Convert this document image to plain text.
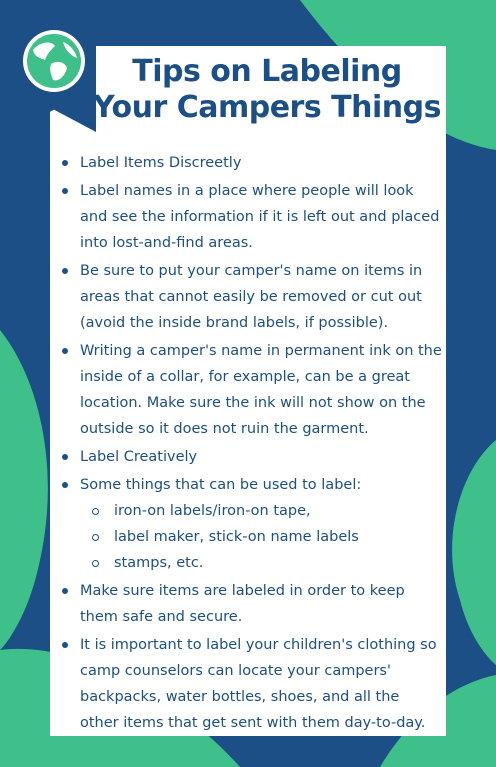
Tips on Labeling Your Campers Things
Label Items Discreetly
Label names in a place where people will look and see the information if it is left out and placed into lost-and-find areas.
Be sure to put your camper's name on items in areas that cannot easily be removed or cut out (avoid the inside brand labels, if possible).
Writing a camper's name in permanent ink on the inside of a collar, for example, can be a great location. Make sure the ink will not show on the outside so it does not ruin the garment.
Label Creatively
Some things that can be used to label:
iron-on labels/iron-on tape,
label maker, stick-on name labels
stamps, etc.
Make sure items are labeled in order to keep them safe and secure.
It is important to label your children's clothing so camp counselors can locate your campers' backpacks, water bottles, shoes, and all the other items that get sent with them day-to-day.
